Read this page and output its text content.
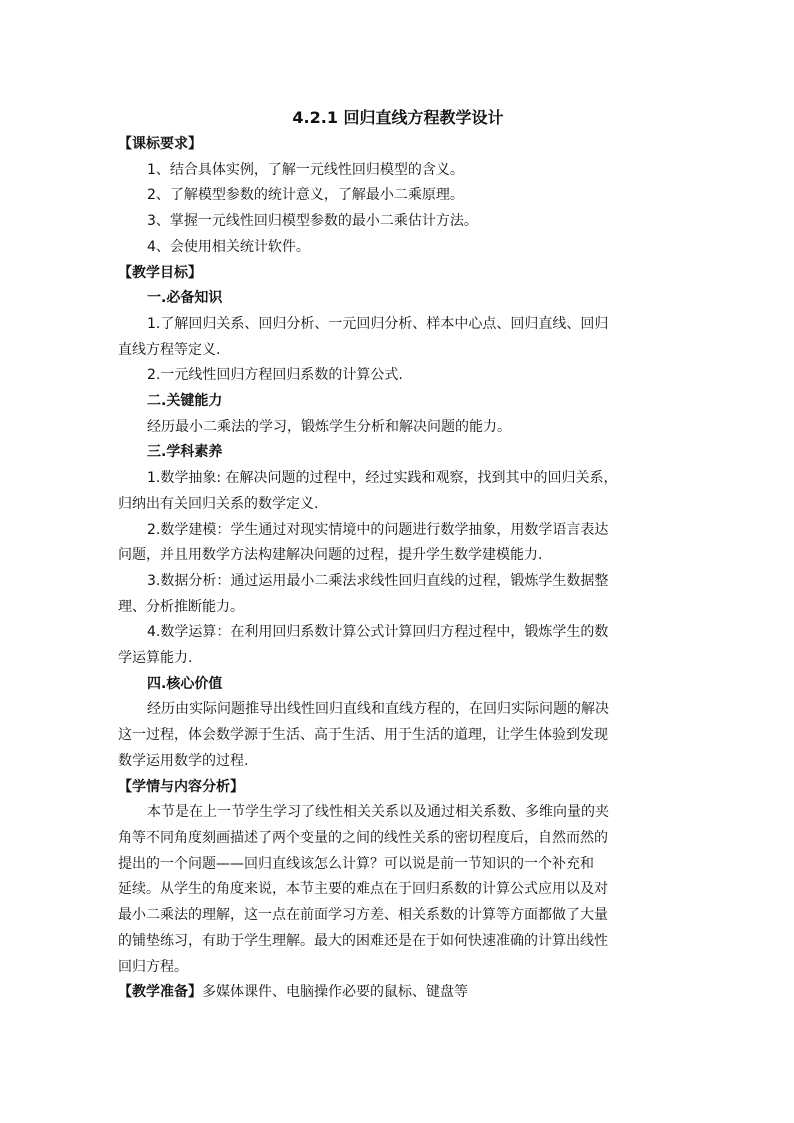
4.2.1 回归直线方程教学设计
【课标要求】
1、结合具体实例，了解一元线性回归模型的含义。
2、了解模型参数的统计意义，了解最小二乘原理。
3、掌握一元线性回归模型参数的最小二乘估计方法。
4、会使用相关统计软件。
【教学目标】
一.必备知识
1.了解回归关系、回归分析、一元回归分析、样本中心点、回归直线、回归
直线方程等定义.
2.一元线性回归方程回归系数的计算公式.
二.关键能力
经历最小二乘法的学习，锻炼学生分析和解决问题的能力。
三.学科素养
1.数学抽象: 在解决问题的过程中，经过实践和观察，找到其中的回归关系，
归纳出有关回归关系的数学定义.
2.数学建模：学生通过对现实情境中的问题进行数学抽象，用数学语言表达
问题，并且用数学方法构建解决问题的过程，提升学生数学建模能力.
3.数据分析：通过运用最小二乘法求线性回归直线的过程，锻炼学生数据整
理、分析推断能力。
4.数学运算：在利用回归系数计算公式计算回归方程过程中，锻炼学生的数
学运算能力.
四.核心价值
经历由实际问题推导出线性回归直线和直线方程的，在回归实际问题的解决
这一过程，体会数学源于生活、高于生活、用于生活的道理，让学生体验到发现
数学运用数学的过程.
【学情与内容分析】
本节是在上一节学生学习了线性相关关系以及通过相关系数、多维向量的夹
角等不同角度刻画描述了两个变量的之间的线性关系的密切程度后，自然而然的
提出的一个问题——回归直线该怎么计算？可以说是前一节知识的一个补充和
延续。从学生的角度来说，本节主要的难点在于回归系数的计算公式应用以及对
最小二乘法的理解，这一点在前面学习方差、相关系数的计算等方面都做了大量
的铺垫练习，有助于学生理解。最大的困难还是在于如何快速准确的计算出线性
回归方程。
【教学准备】多媒体课件、电脑操作必要的鼠标、键盘等
